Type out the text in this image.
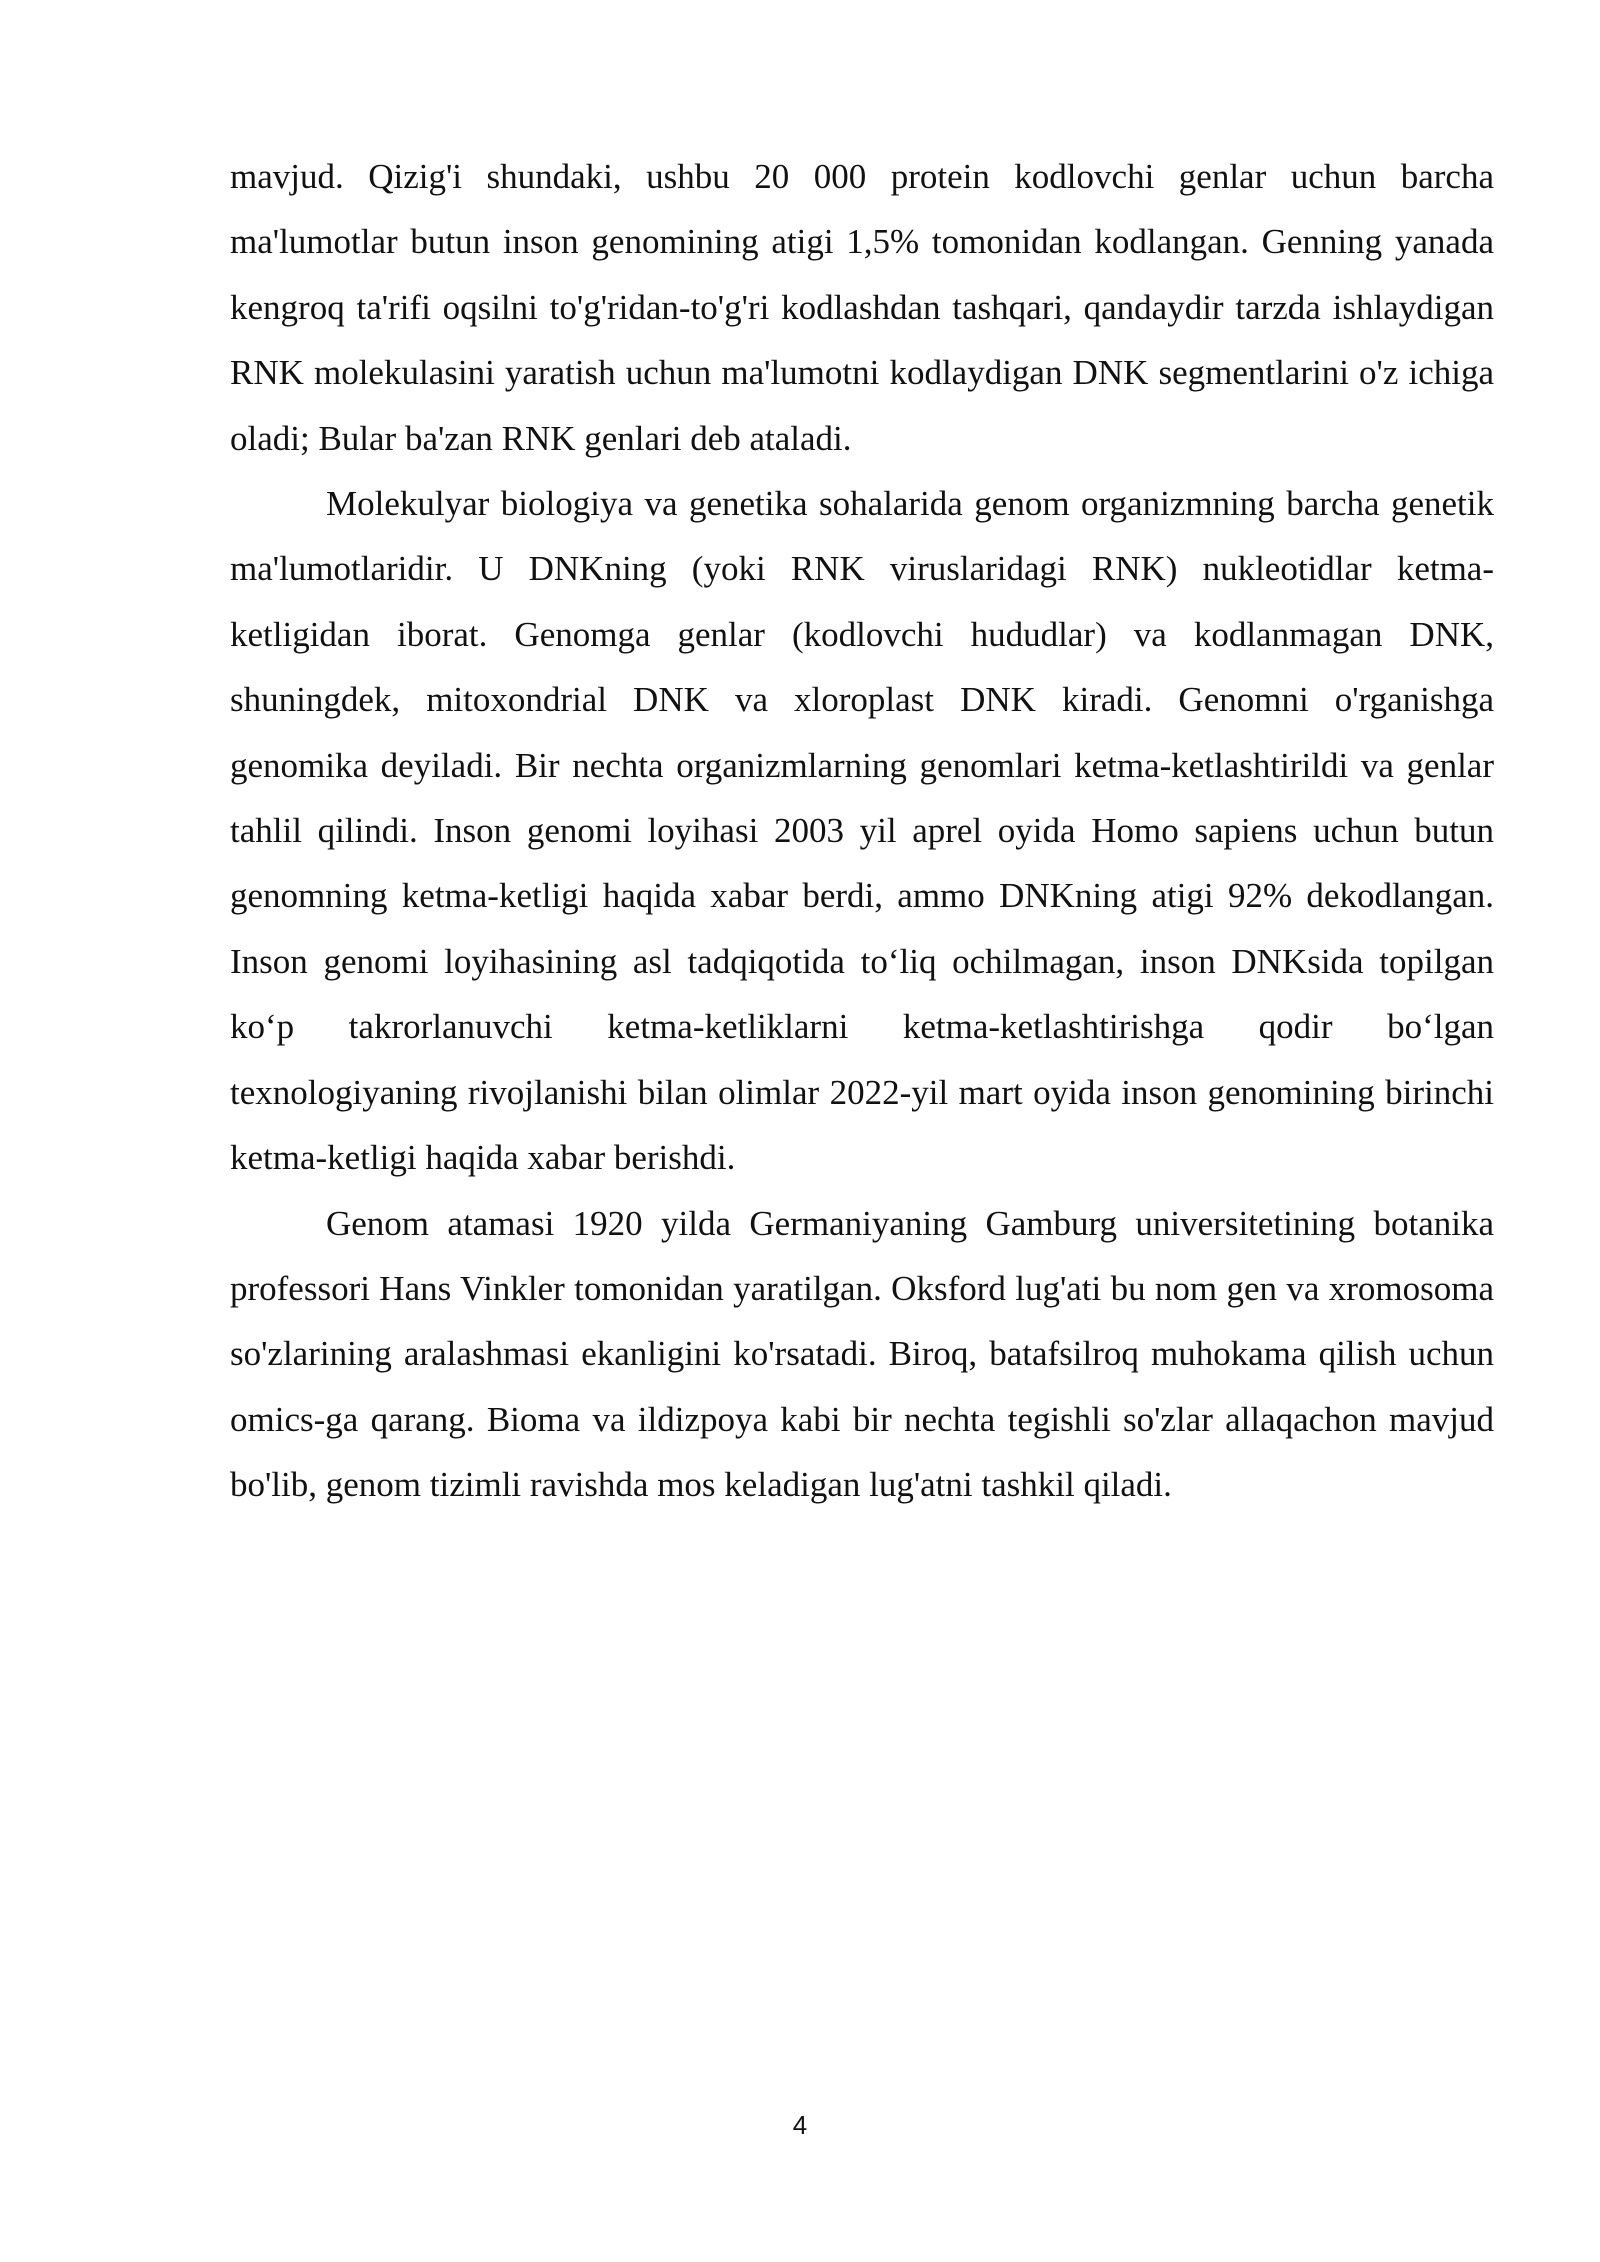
mavjud. Qizig'i shundaki, ushbu 20 000 protein kodlovchi genlar uchun barcha ma'lumotlar butun inson genomining atigi 1,5% tomonidan kodlangan. Genning yanada kengroq ta'rifi oqsilni to'g'ridan-to'g'ri kodlashdan tashqari, qandaydir tarzda ishlaydigan RNK molekulasini yaratish uchun ma'lumotni kodlaydigan DNK segmentlarini o'z ichiga oladi; Bular ba'zan RNK genlari deb ataladi.

Molekulyar biologiya va genetika sohalarida genom organizmning barcha genetik ma'lumotlaridir. U DNKning (yoki RNK viruslaridagi RNK) nukleotidlar ketma-ketligidan iborat. Genomga genlar (kodlovchi hududlar) va kodlanmagan DNK, shuningdek, mitoxondrial DNK va xloroplast DNK kiradi. Genomni o'rganishga genomika deyiladi. Bir nechta organizmlarning genomlari ketma-ketlashtirildi va genlar tahlil qilindi. Inson genomi loyihasi 2003 yil aprel oyida Homo sapiens uchun butun genomning ketma-ketligi haqida xabar berdi, ammo DNKning atigi 92% dekodlangan. Inson genomi loyihasining asl tadqiqotida to‘liq ochilmagan, inson DNKsida topilgan ko‘p takrorlanuvchi ketma-ketliklarni ketma-ketlashtirishga qodir bo‘lgan texnologiyaning rivojlanishi bilan olimlar 2022-yil mart oyida inson genomining birinchi ketma-ketligi haqida xabar berishdi.

Genom atamasi 1920 yilda Germaniyaning Gamburg universitetining botanika professori Hans Vinkler tomonidan yaratilgan. Oksford lug'ati bu nom gen va xromosoma so'zlarining aralashmasi ekanligini ko'rsatadi. Biroq, batafsilroq muhokama qilish uchun omics-ga qarang. Bioma va ildizpoya kabi bir nechta tegishli so'zlar allaqachon mavjud bo'lib, genom tizimli ravishda mos keladigan lug'atni tashkil qiladi.

4
